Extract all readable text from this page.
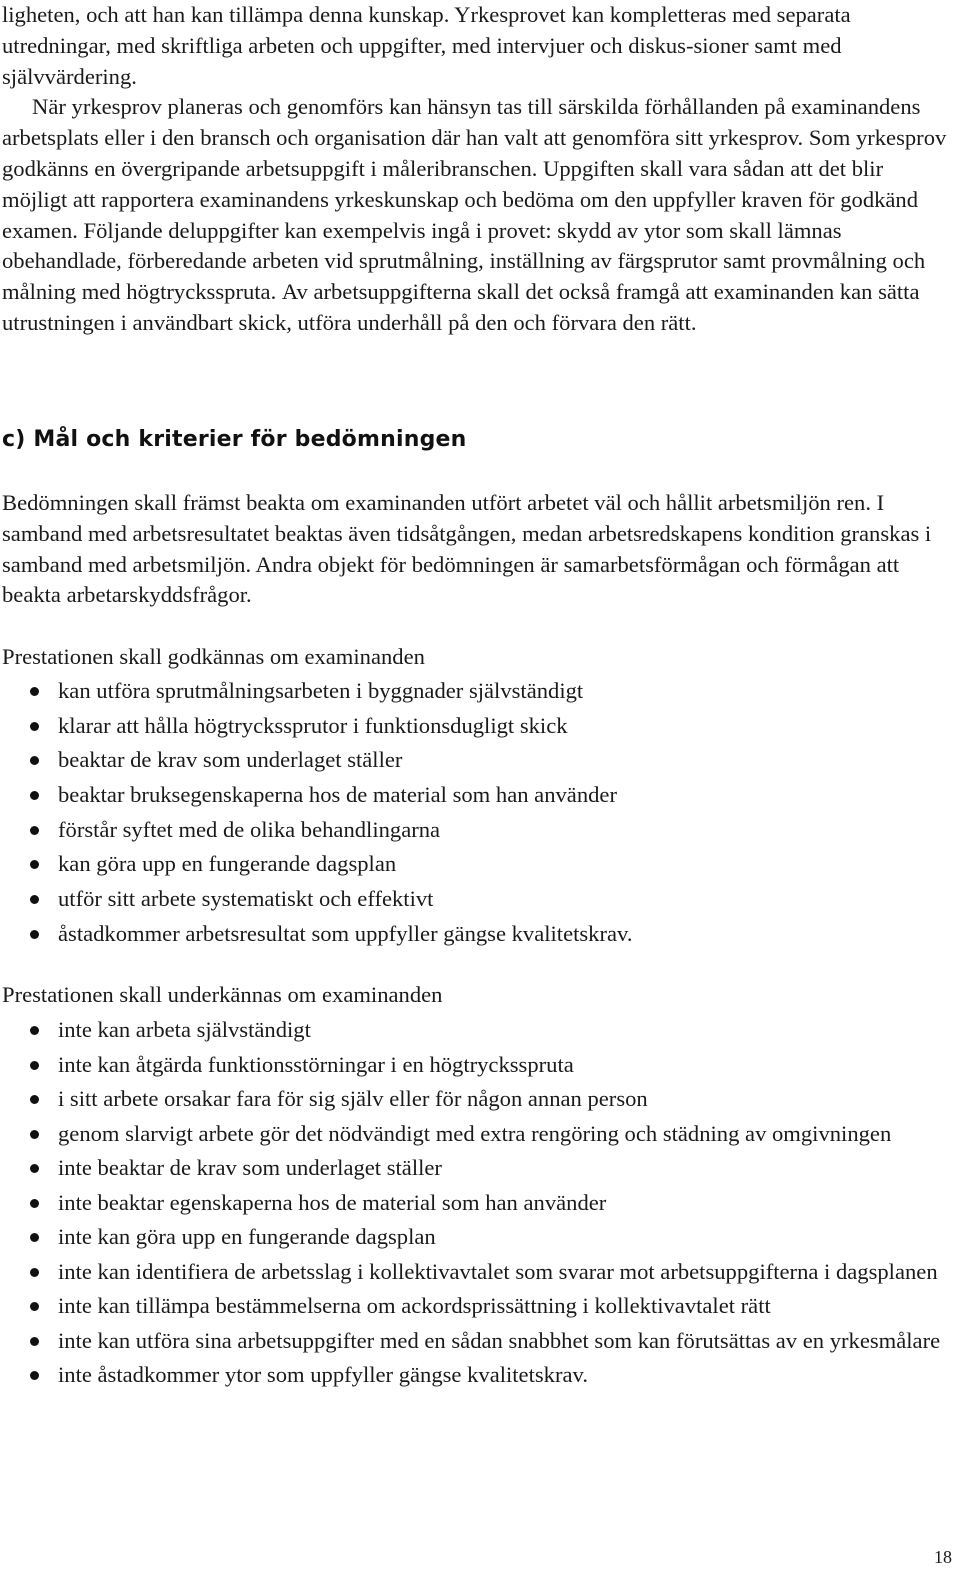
ligheten, och att han kan tillämpa denna kunskap. Yrkesprovet kan kompletteras med separata utredningar, med skriftliga arbeten och uppgifter, med intervjuer och diskus-sioner samt med självvärdering.

När yrkesprov planeras och genomförs kan hänsyn tas till särskilda förhållanden på examinandens arbetsplats eller i den bransch och organisation där han valt att genomföra sitt yrkesprov. Som yrkesprov godkänns en övergripande arbetsuppgift i måleribranschen. Uppgiften skall vara sådan att det blir möjligt att rapportera examinandens yrkeskunskap och bedöma om den uppfyller kraven för godkänd examen. Följande deluppgifter kan exempelvis ingå i provet: skydd av ytor som skall lämnas obehandlade, förberedande arbeten vid sprutmålning, inställning av färgsprutor samt provmålning och målning med högtryckssprutа. Av arbetsuppgifterna skall det också framgå att examinanden kan sätta utrustningen i användbart skick, utföra underhåll på den och förvara den rätt.

c) Mål och kriterier för bedömningen

Bedömningen skall främst beakta om examinanden utfört arbetet väl och hållit arbetsmiljön ren. I samband med arbetsresultatet beaktas även tidsåtgången, medan arbetsredskapens kondition granskas i samband med arbetsmiljön. Andra objekt för bedömningen är samarbetsförmågan och förmågan att beakta arbetarskyddsfrågor.

Prestationen skall godkännas om examinanden

kan utföra sprutmålningsarbeten i byggnader självständigt
klarar att hålla högtryckssprutor i funktionsdugligt skick
beaktar de krav som underlaget ställer
beaktar bruksegenskaperna hos de material som han använder
förstår syftet med de olika behandlingarna
kan göra upp en fungerande dagsplan
utför sitt arbete systematiskt och effektivt
åstadkommer arbetsresultat som uppfyller gängse kvalitetskrav.

Prestationen skall underkännas om examinanden

inte kan arbeta självständigt
inte kan åtgärda funktionsstörningar i en högtryckssprutа
i sitt arbete orsakar fara för sig själv eller för någon annan person
genom slarvigt arbete gör det nödvändigt med extra rengöring och städning av omgivningen
inte beaktar de krav som underlaget ställer
inte beaktar egenskaperna hos de material som han använder
inte kan göra upp en fungerande dagsplan
inte kan identifiera de arbetsslag i kollektivavtalet som svarar mot arbetsuppgifterna i dagsplanen
inte kan tillämpa bestämmelserna om ackordsprissättning i kollektivavtalet rätt
inte kan utföra sina arbetsuppgifter med en sådan snabbhet som kan förutsättas av en yrkesmålare
inte åstadkommer ytor som uppfyller gängse kvalitetskrav.

18
